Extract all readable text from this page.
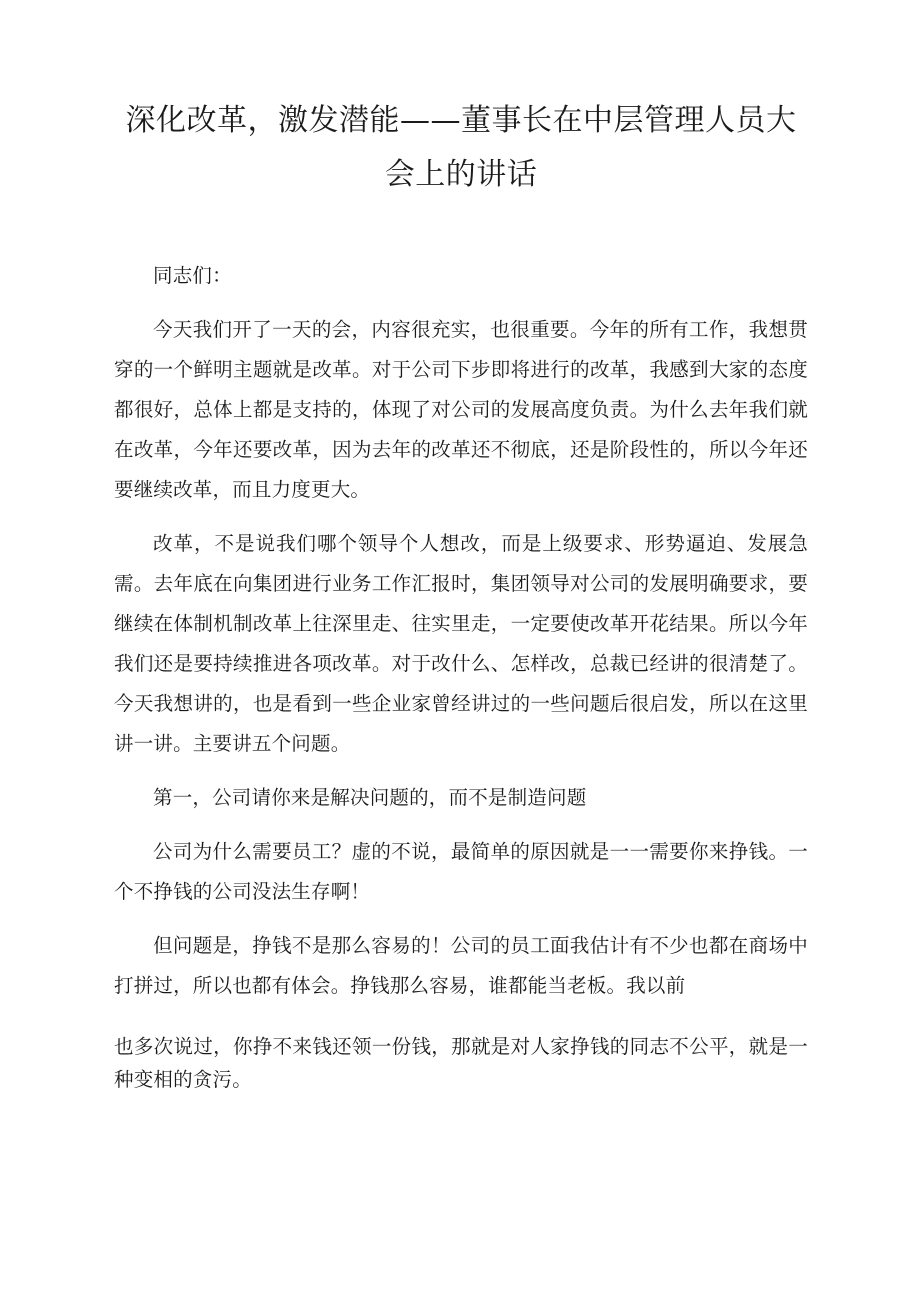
深化改革，激发潜能——董事长在中层管理人员大会上的讲话

同志们：

今天我们开了一天的会，内容很充实，也很重要。今年的所有工作，我想贯穿的一个鲜明主题就是改革。对于公司下步即将进行的改革，我感到大家的态度都很好，总体上都是支持的，体现了对公司的发展高度负责。为什么去年我们就在改革，今年还要改革，因为去年的改革还不彻底，还是阶段性的，所以今年还要继续改革，而且力度更大。

改革，不是说我们哪个领导个人想改，而是上级要求、形势逼迫、发展急需。去年底在向集团进行业务工作汇报时，集团领导对公司的发展明确要求，要继续在体制机制改革上往深里走、往实里走，一定要使改革开花结果。所以今年我们还是要持续推进各项改革。对于改什么、怎样改，总裁已经讲的很清楚了。今天我想讲的，也是看到一些企业家曾经讲过的一些问题后很启发，所以在这里讲一讲。主要讲五个问题。

第一，公司请你来是解决问题的，而不是制造问题

公司为什么需要员工？虚的不说，最简单的原因就是一一需要你来挣钱。一个不挣钱的公司没法生存啊！

但问题是，挣钱不是那么容易的！公司的员工面我估计有不少也都在商场中打拼过，所以也都有体会。挣钱那么容易，谁都能当老板。我以前

也多次说过，你挣不来钱还领一份钱，那就是对人家挣钱的同志不公平，就是一种变相的贪污。
